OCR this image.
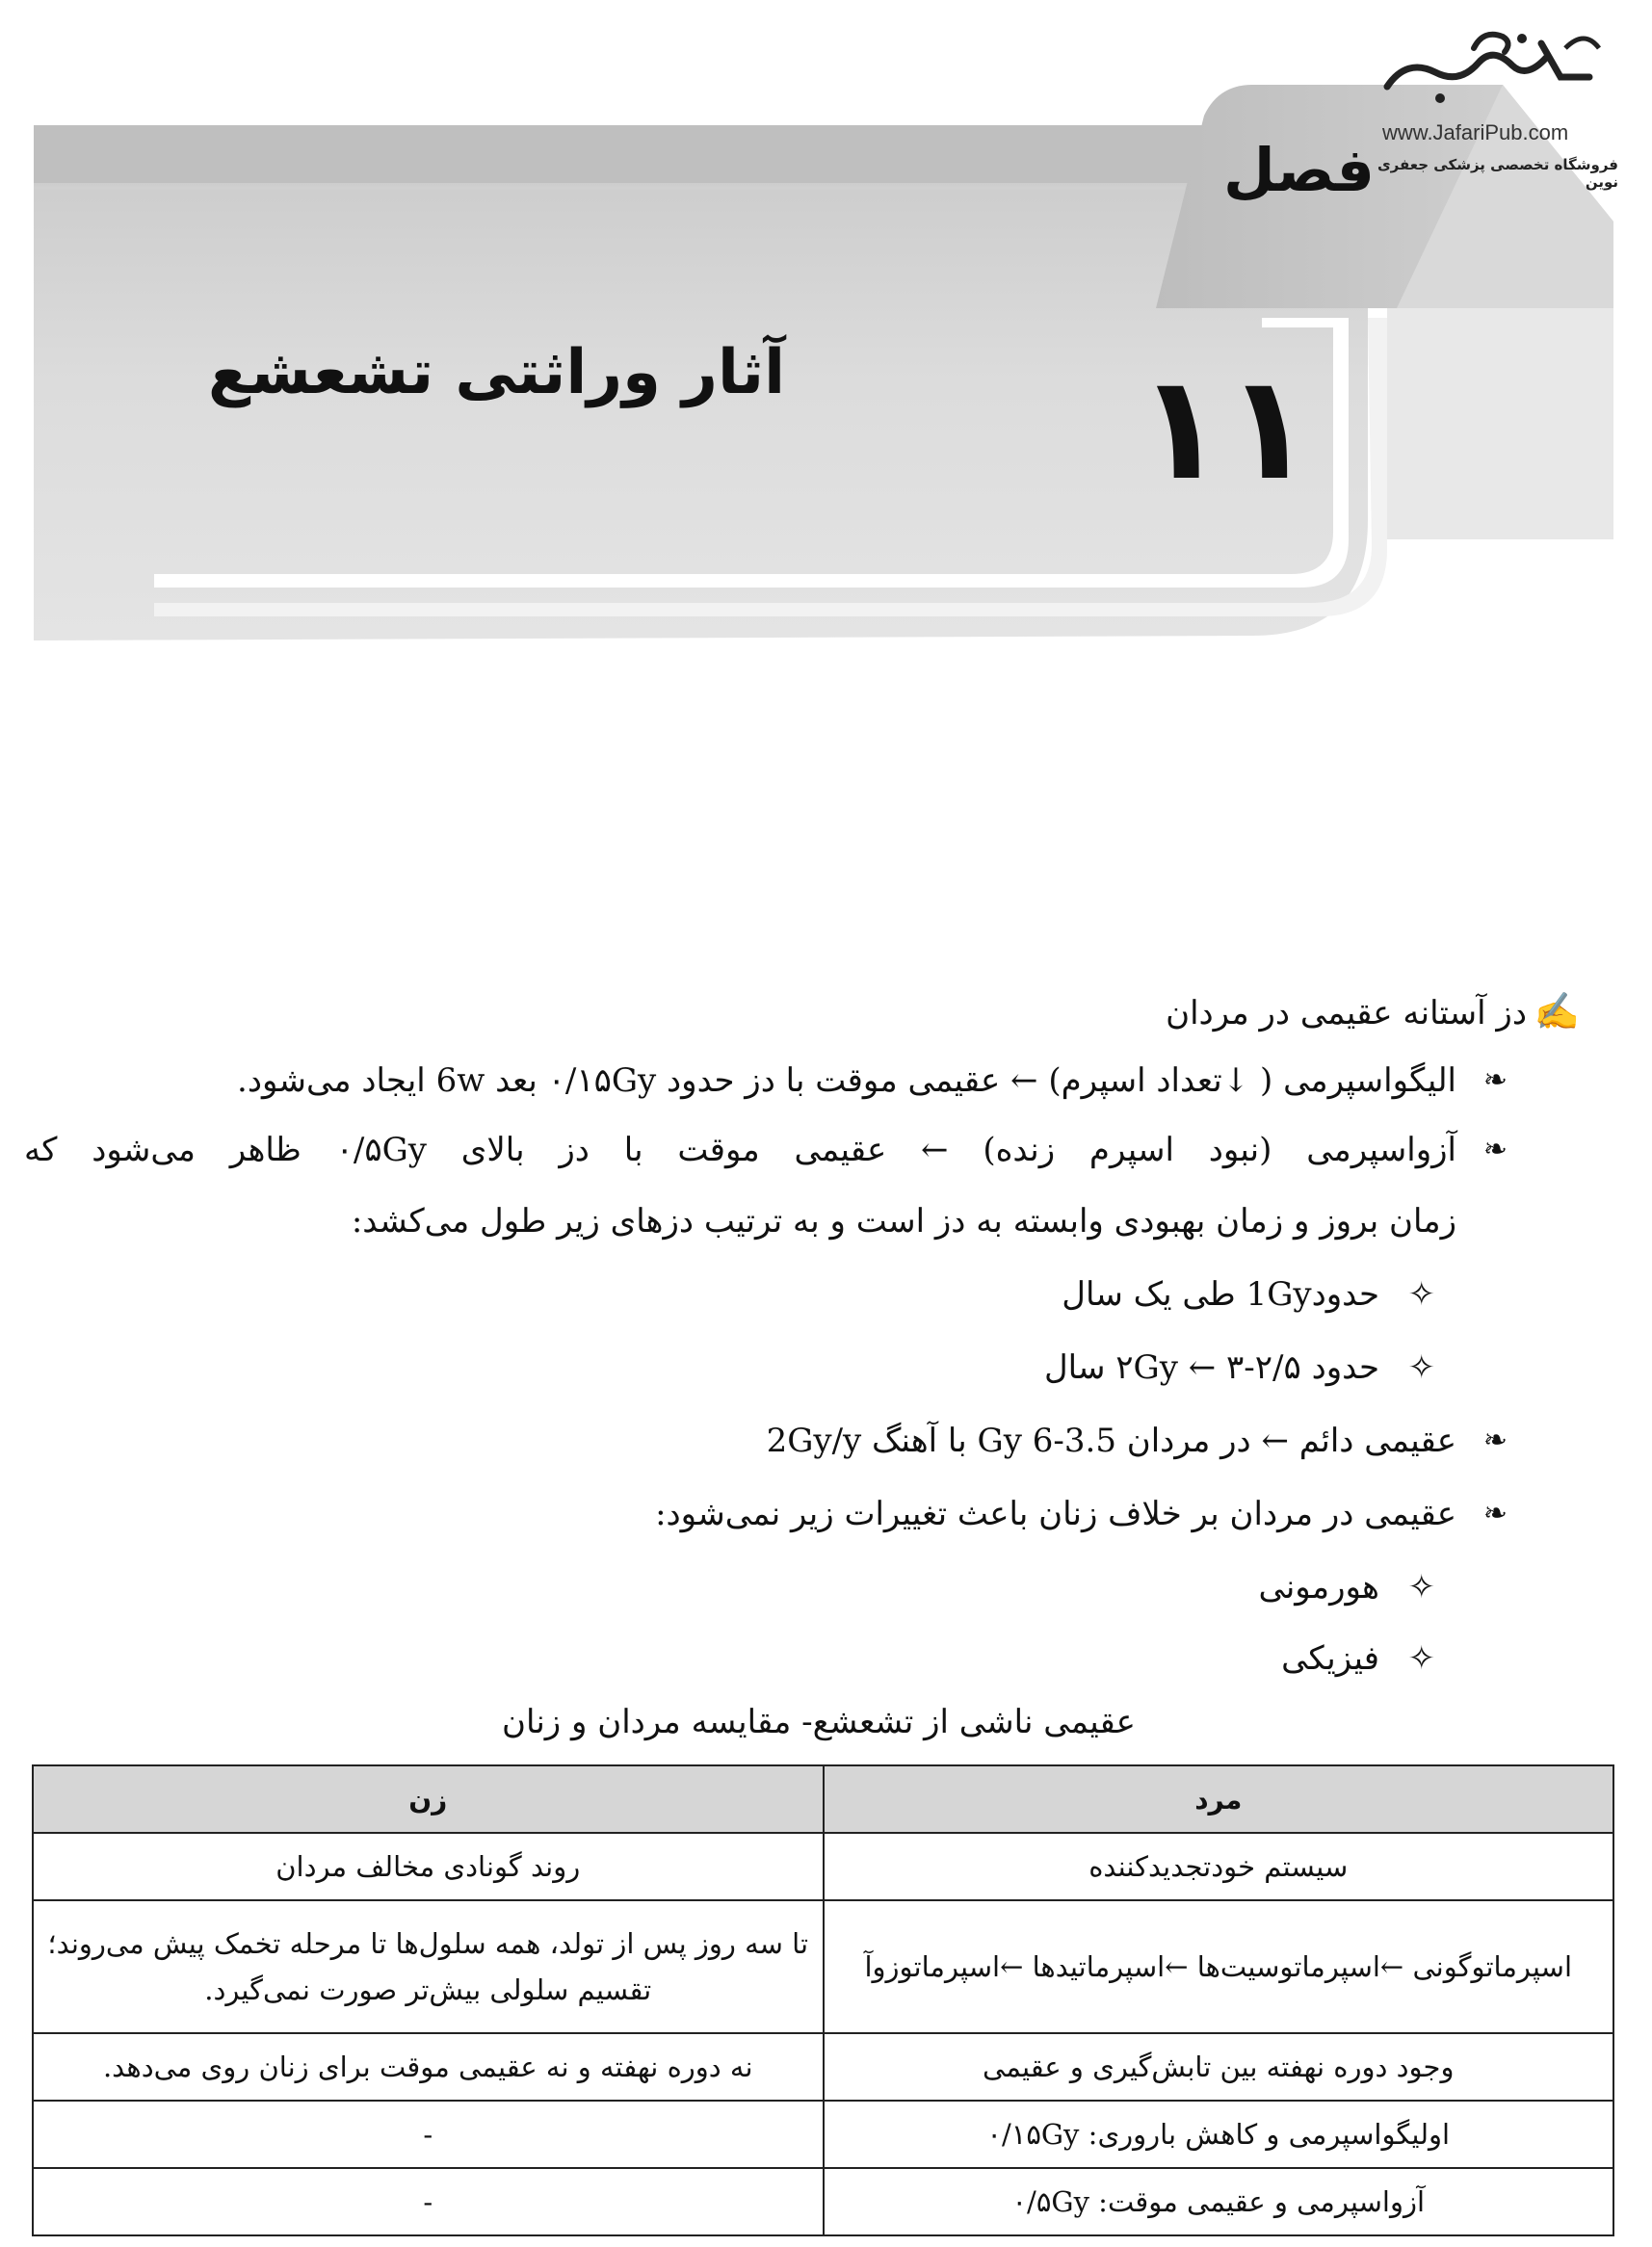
www.JafariPub.com
فروشگاه تخصصی پزشکی جعفری نوین
فصل
آثار وراثتی تشعشع ۱۱
✍
دز آستانه عقیمی در مردان
❧
الیگواسپرمی ( ↓تعداد اسپرم) ← عقیمی موقت با دز حدود ۰/۱۵Gy بعد 6w ایجاد می‌شود.
❧
آزواسپرمی (نبود اسپرم زنده) ← عقیمی موقت با دز بالای ۰/۵Gy ظاهر می‌شود که
زمان بروز و زمان بهبودی وابسته به دز است و به ترتیب دزهای زیر طول می‌کشد:
✧
حدود1Gy طی یک سال
✧
حدود ۲Gy ← ۳-۲/۵ سال
❧
عقیمی دائم ← در مردان 3.5-6 Gy با آهنگ 2Gy/y
❧
عقیمی در مردان بر خلاف زنان باعث تغییرات زیر نمی‌شود:
✧
هورمونی
✧
فیزیکی
عقیمی ناشی از تشعشع- مقایسه مردان و زنان
مرد	زن
سیستم خودتجدیدکننده	روند گونادی مخالف مردان
اسپرماتوگونی ←اسپرماتوسیت‌ها ←اسپرماتیدها ←اسپرماتوزوآ	تا سه روز پس از تولد، همه سلول‌ها تا مرحله تخمک پیش می‌روند؛ تقسیم سلولی بیش‌تر صورت نمی‌گیرد.
وجود دوره نهفته بین تابش‌گیری و عقیمی	نه دوره نهفته و نه عقیمی موقت برای زنان روی می‌دهد.
اولیگواسپرمی و کاهش باروری: ۰/۱۵Gy	-
آزواسپرمی و عقیمی موقت: ۰/۵Gy	-
